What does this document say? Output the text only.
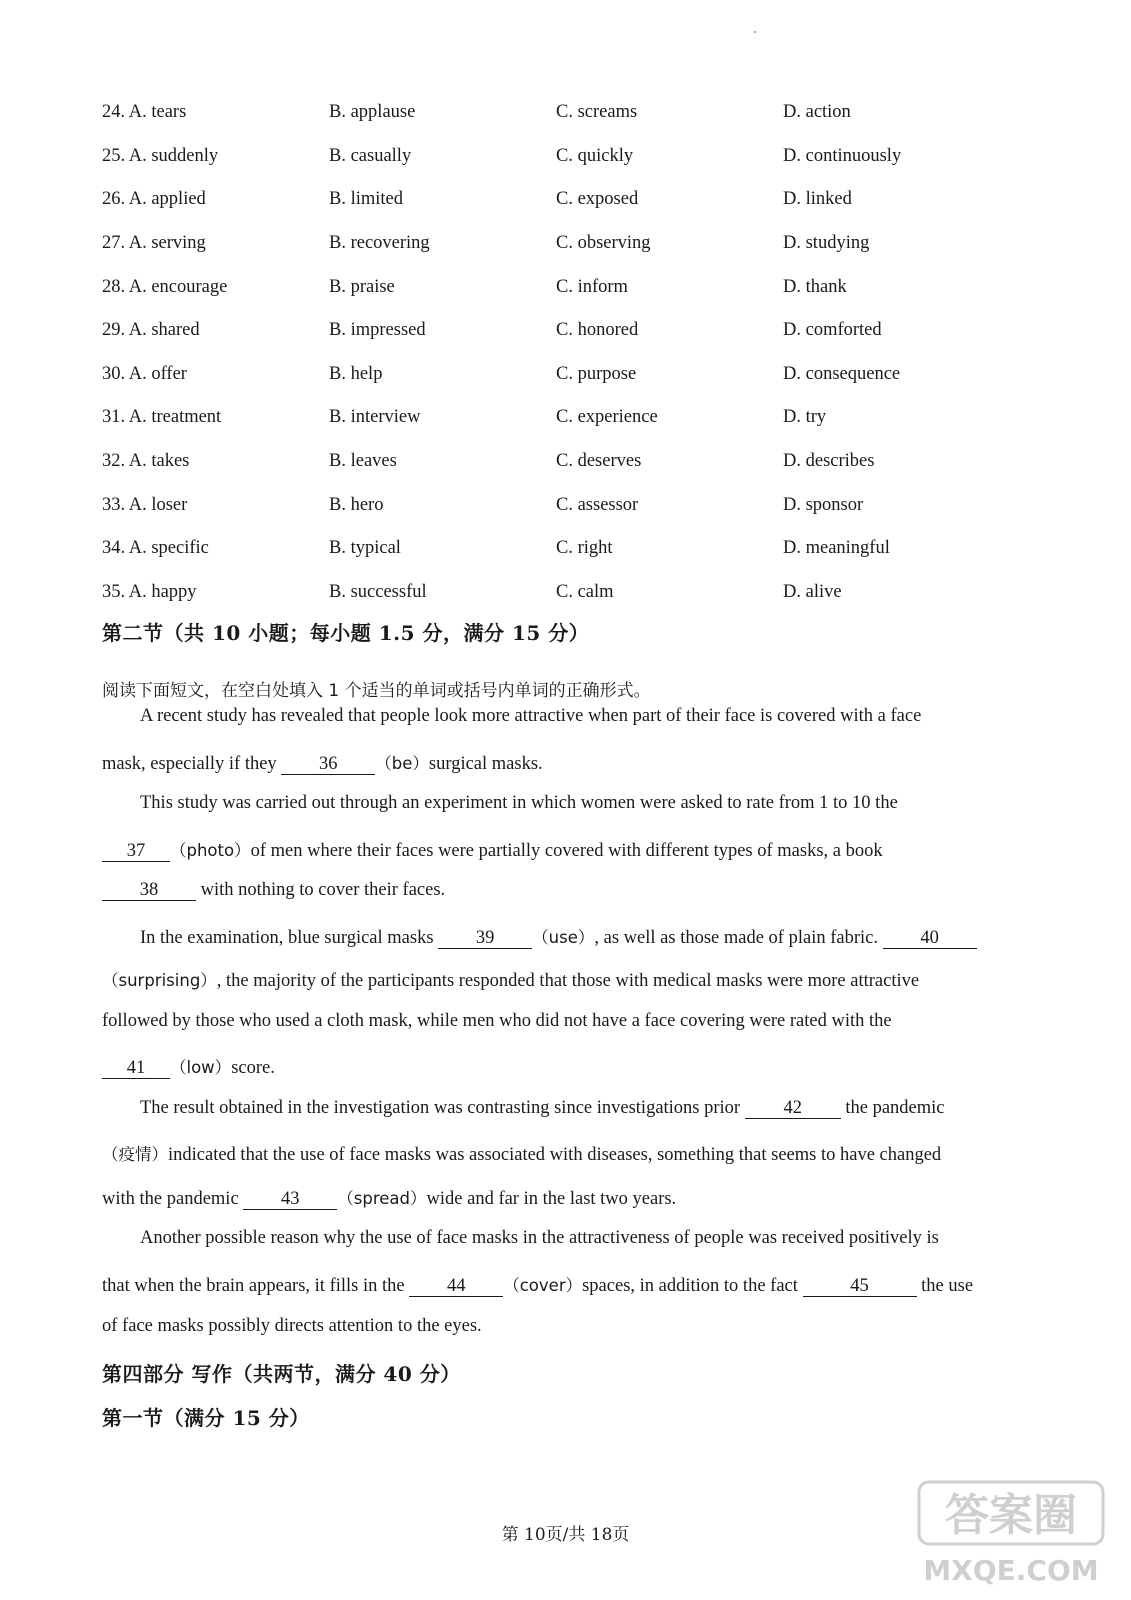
24. A. tears	B. applause	C. screams	D. action
25. A. suddenly	B. casually	C. quickly	D. continuously
26. A. applied	B. limited	C. exposed	D. linked
27. A. serving	B. recovering	C. observing	D. studying
28. A. encourage	B. praise	C. inform	D. thank
29. A. shared	B. impressed	C. honored	D. comforted
30. A. offer	B. help	C. purpose	D. consequence
31. A. treatment	B. interview	C. experience	D. try
32. A. takes	B. leaves	C. deserves	D. describes
33. A. loser	B. hero	C. assessor	D. sponsor
34. A. specific	B. typical	C. right	D. meaningful
35. A. happy	B. successful	C. calm	D. alive
第二节（共 10 小题；每小题 1.5 分，满分 15 分）
阅读下面短文，在空白处填入 1 个适当的单词或括号内单词的正确形式。
A recent study has revealed that people look more attractive when part of their face is covered with a face
mask, especially if they 36 （be）surgical masks.
This study was carried out through an experiment in which women were asked to rate from 1 to 10 the
37 （photo）of men where their faces were partially covered with different types of masks, a book
38 with nothing to cover their faces.
In the examination, blue surgical masks 39 （use）, as well as those made of plain fabric. 40
（surprising）, the majority of the participants responded that those with medical masks were more attractive
followed by those who used a cloth mask, while men who did not have a face covering were rated with the
41 （low）score.
The result obtained in the investigation was contrasting since investigations prior 42 the pandemic
（疫情）indicated that the use of face masks was associated with diseases, something that seems to have changed
with the pandemic 43 （spread）wide and far in the last two years.
Another possible reason why the use of face masks in the attractiveness of people was received positively is
that when the brain appears, it fills in the 44 （cover）spaces, in addition to the fact	45	the use
of face masks possibly directs attention to the eyes.
第四部分 写作（共两节，满分 40 分）
第一节（满分 15 分）
第 10页/共 18页	答案圈
MXQE.COM
